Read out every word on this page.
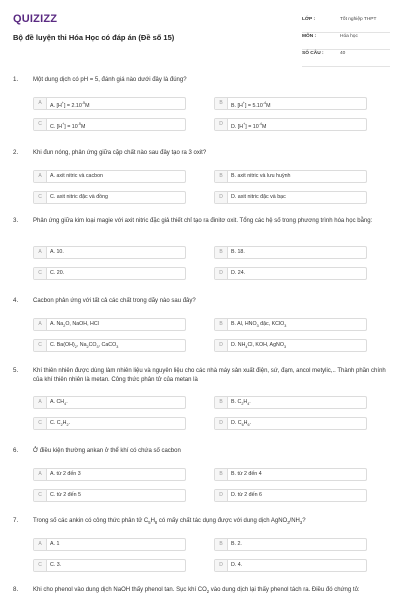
QUIZIZZ
Bộ đề luyện thi Hóa Học có đáp án (Đề số 15)
LỚP :	Tốt nghiệp THPT
MÔN :	Hóa học
SỐ CÂU :	40
1. Một dung dịch có pH = 5, đánh giá nào dưới đây là đúng?
A	A. $[H^+] = 2.10^{-5}M$	B	B. $[H^+] = 5.10^{-4}M$
C	C. $[H^+] = 10^{-5}M$	D	D. $[H^+] = 10^{-4}M$
2. Khi đun nóng, phản ứng giữa cặp chất nào sau đây tạo ra 3 oxit?
A	A. axit nitric và cacbon	B	B. axit nitric và lưu huỳnh
C	C. axit nitric đặc và đồng	D	D. axit nitric đặc và bạc
3. Phản ứng giữa kim loại magie với axit nitric đặc giả thiết chỉ tạo ra đinitơ oxit. Tổng các hệ số trong phương trình hóa học bằng:
A	A. 10.	B	B. 18.
C	C. 20.	D	D. 24.
4. Cacbon phản ứng với tất cả các chất trong dãy nào sau đây?
A	A. $Na_2O$, NaOH, HCl	B	B. Al, $HNO_3$ đặc, KClO$_3$
C	C. $Ba(OH)_2$, $Na_2CO_3$, CaCO$_3$	D	D. $NH_4Cl$, KOH, AgNO$_3$
5. Khí thiên nhiên được dùng làm nhiên liệu và nguyên liệu cho các nhà máy sản xuất điện, sứ, đạm, ancol metylic,.. Thành phần chính của khí thiên nhiên là metan. Công thức phân tử của metan là
A	A. $CH_4$.	B	B. $C_2H_4$.
C	C. $C_2H_2$.	D	D. $C_6H_6$.
6. Ở điều kiện thường ankan ở thể khí có chứa số cacbon
A	A. từ 2 đến 3	B	B. từ 2 đến 4
C	C. từ 2 đến 5	D	D. từ 2 đến 6
7. Trong số các ankin có công thức phân tử $C_5H_8$ có mấy chất tác dụng được với dung dịch $AgNO_3/NH_3$?
A	A. 1	B	B. 2.
C	C. 3.	D	D. 4.
8. Khi cho phenol vào dung dịch NaOH thấy phenol tan. Sục khí $CO_2$ vào dung dịch lại thấy phenol tách ra. Điều đó chứng tỏ:
